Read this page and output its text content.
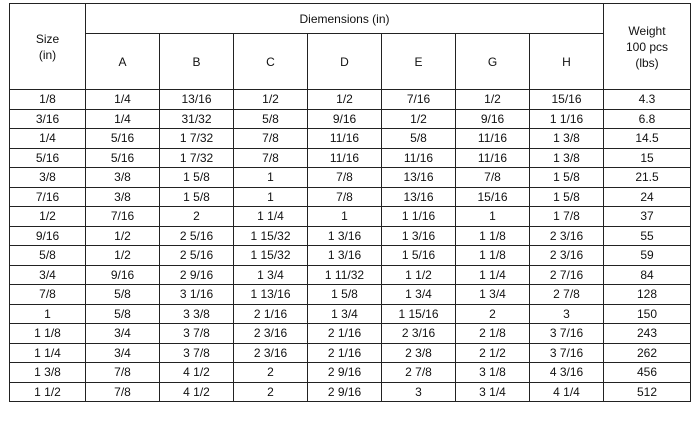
Size
(in)	Diemensions (in)							Weight
100 pcs
(lbs)

	A	B	C	D	E	G	H	
1/8	1/4	13/16	1/2	1/2	7/16	1/2	15/16	4.3
3/16	1/4	31/32	5/8	9/16	1/2	9/16	1 1/16	6.8
1/4	5/16	1 7/32	7/8	11/16	5/8	11/16	1 3/8	14.5
5/16	5/16	1 7/32	7/8	11/16	11/16	11/16	1 3/8	15
3/8	3/8	1 5/8	1	7/8	13/16	7/8	1 5/8	21.5
7/16	3/8	1 5/8	1	7/8	13/16	15/16	1 5/8	24
1/2	7/16	2	1 1/4	1	1 1/16	1	1 7/8	37
9/16	1/2	2 5/16	1 15/32	1 3/16	1 3/16	1 1/8	2 3/16	55
5/8	1/2	2 5/16	1 15/32	1 3/16	1 5/16	1 1/8	2 3/16	59
3/4	9/16	2 9/16	1 3/4	1 11/32	1 1/2	1 1/4	2 7/16	84
7/8	5/8	3 1/16	1 13/16	1 5/8	1 3/4	1 3/4	2 7/8	128
1	5/8	3 3/8	2 1/16	1 3/4	1 15/16	2	3	150
1 1/8	3/4	3 7/8	2 3/16	2 1/16	2 3/16	2 1/8	3 7/16	243
1 1/4	3/4	3 7/8	2 3/16	2 1/16	2 3/8	2 1/2	3 7/16	262
1 3/8	7/8	4 1/2	2	2 9/16	2 7/8	3 1/8	4 3/16	456
1 1/2	7/8	4 1/2	2	2 9/16	3	3 1/4	4 1/4	512
